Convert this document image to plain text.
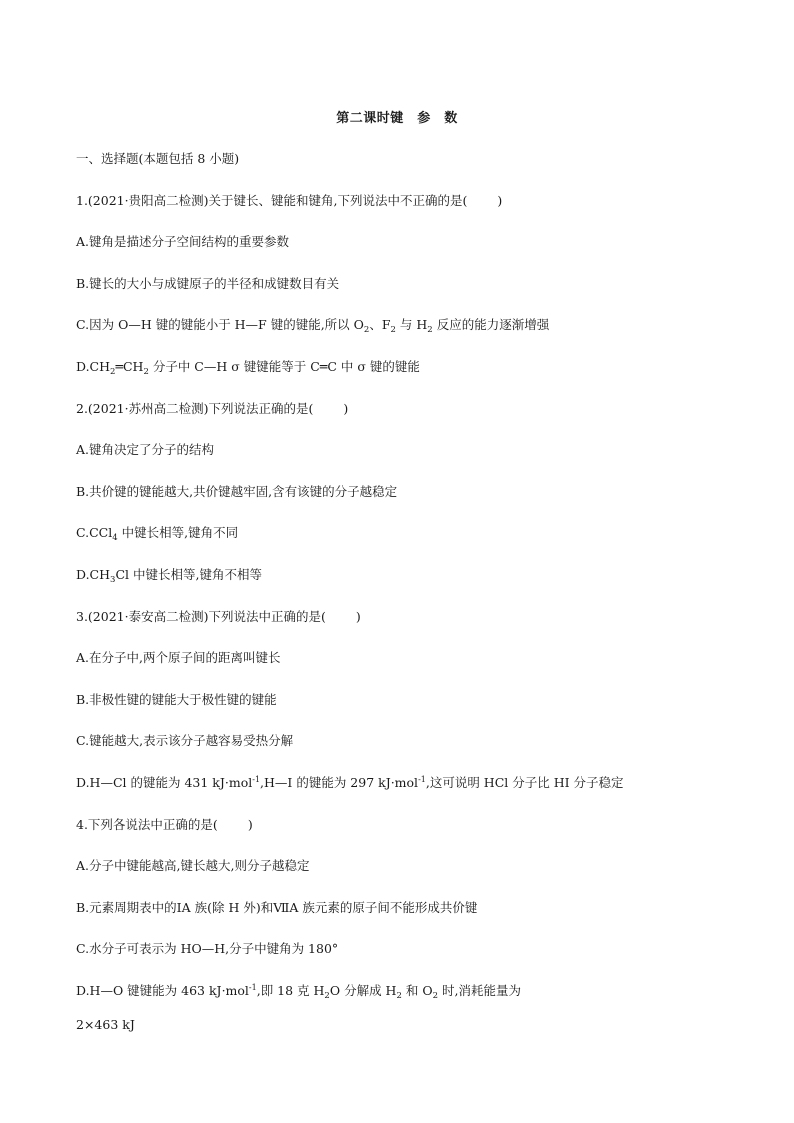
第二课时键　参　数
一、选择题(本题包括 8 小题)
1.(2021·贵阳高二检测)关于键长、键能和键角,下列说法中不正确的是( )
A.键角是描述分子空间结构的重要参数
B.键长的大小与成键原子的半径和成键数目有关
C.因为 O—H 键的键能小于 H—F 键的键能,所以 $O_2$、$F_2$ 与 $H_2$ 反应的能力逐渐增强
$D.CH_2═CH_2$ 分子中 C—H σ 键键能等于 C═C 中 σ 键的键能
2.(2021·苏州高二检测)下列说法正确的是( )
A.键角决定了分子的结构
B.共价键的键能越大,共价键越牢固,含有该键的分子越稳定
C.CCl$_4$ 中键长相等,键角不同
$D.CH_3Cl$ 中键长相等,键角不相等
3.(2021·泰安高二检测)下列说法中正确的是( )
A.在分子中,两个原子间的距离叫键长
B.非极性键的键能大于极性键的键能
C.键能越大,表示该分子越容易受热分解
D.H—Cl 的键能为 431 kJ·mol$^{-1}$,H—I 的键能为 297 kJ·mol$^{-1}$,这可说明 HCl 分子比 HI 分子稳定
4.下列各说法中正确的是( )
A.分子中键能越高,键长越大,则分子越稳定
B.元素周期表中的ⅠA 族(除 H 外)和ⅦA 族元素的原子间不能形成共价键
C.水分子可表示为 HO—H,分子中键角为 180°
D.H—O 键键能为 463 kJ·mol$^{-1}$,即 18 克 $H_2O$ 分解成 $H_2$ 和 $O_2$ 时,消耗能量为
2×463 kJ
